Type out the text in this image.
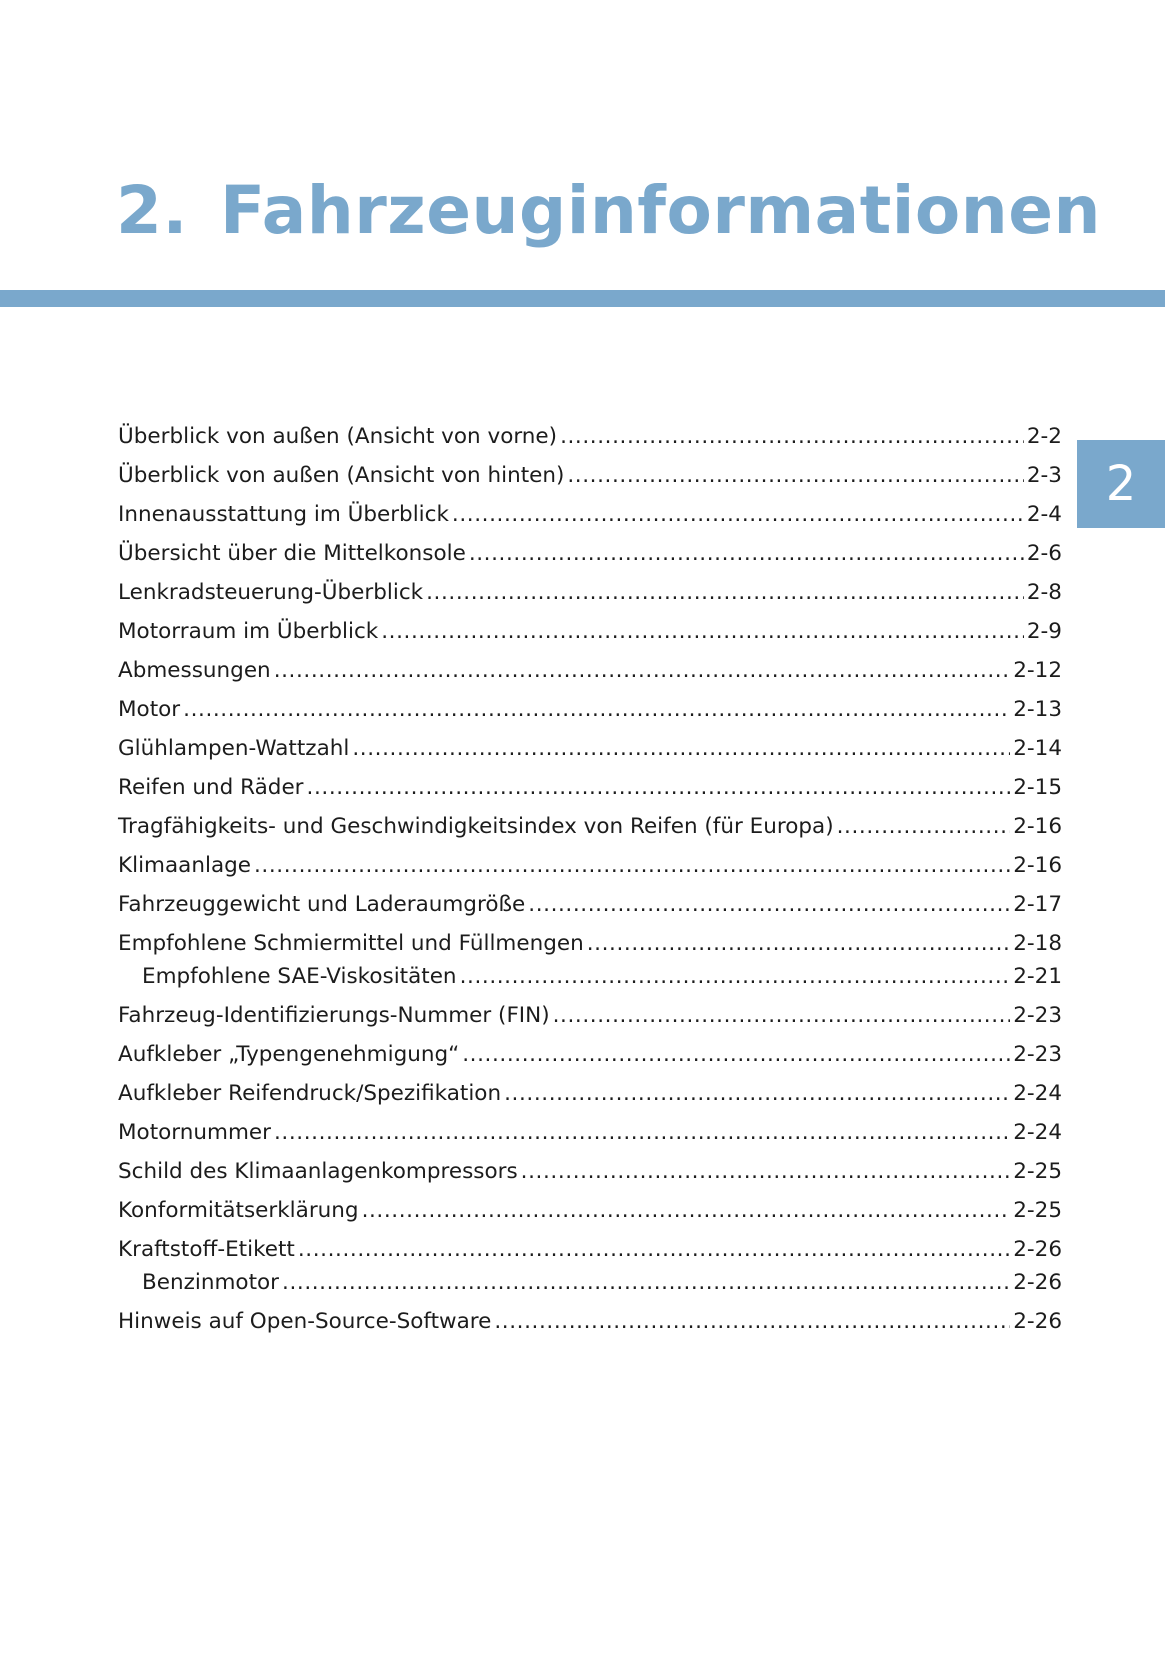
2. Fahrzeuginformationen
2
Überblick von außen (Ansicht von vorne) .....	2-2
Überblick von außen (Ansicht von hinten) .....	2-3
Innenausstattung im Überblick .....	2-4
Übersicht über die Mittelkonsole .....	2-6
Lenkradsteuerung-Überblick .....	2-8
Motorraum im Überblick .....	2-9
Abmessungen .....	2-12
Motor .....	2-13
Glühlampen-Wattzahl .....	2-14
Reifen und Räder .....	2-15
Tragfähigkeits- und Geschwindigkeitsindex von Reifen (für Europa) .....	2-16
Klimaanlage .....	2-16
Fahrzeuggewicht und Laderaumgröße .....	2-17
Empfohlene Schmiermittel und Füllmengen .....	2-18
Empfohlene SAE-Viskositäten .....	2-21
Fahrzeug-Identifizierungs-Nummer (FIN) .....	2-23
Aufkleber „Typengenehmigung“ .....	2-23
Aufkleber Reifendruck/Spezifikation .....	2-24
Motornummer .....	2-24
Schild des Klimaanlagenkompressors .....	2-25
Konformitätserklärung .....	2-25
Kraftstoff-Etikett .....	2-26
Benzinmotor .....	2-26
Hinweis auf Open-Source-Software .....	2-26
